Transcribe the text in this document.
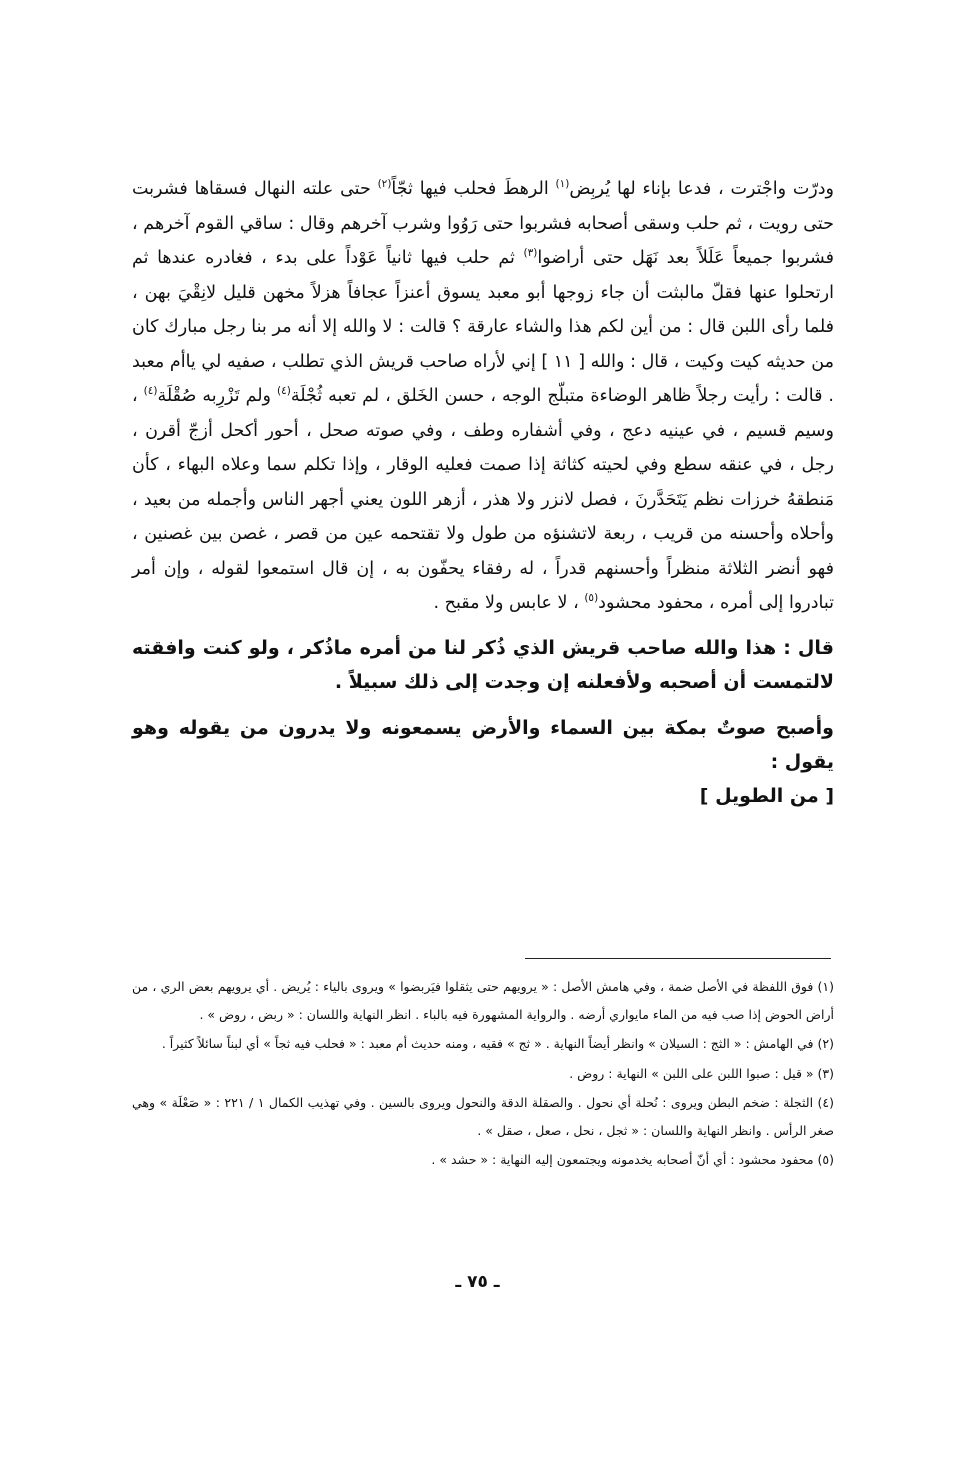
ودرّت واجْترت ، فدعا بإناء لها يُربِض$^{(١)}$ الرهطَ فحلب فيها ثجّاً$^{(٢)}$ حتى علته النهال فسقاها فشربت حتى رويت ، ثم حلب وسقى أصحابه فشربوا حتى رَوُوا وشرب آخرهم وقال : ساقي القوم آخرهم ، فشربوا جميعاً عَلَلاً بعد نَهَل حتى أراضوا$^{(٣)}$ ثم حلب فيها ثانياً عَوْداً على بدء ، فغادره عندها ثم ارتحلوا عنها فقلّ مالبثت أن جاء زوجها أبو معبد يسوق أعنزاً عجافاً هزلاً مخهن قليل لانِقْيَ بهن ، فلما رأى اللبن قال : من أين لكم هذا والشاء عارقة ؟ قالت : لا والله إلا أنه مر بنا رجل مبارك كان من حديثه كيت وكيت ، قال : والله [ ١١ ] إني لأراه صاحب قريش الذي تطلب ، صفيه لي ياأم معبد . قالت : رأيت رجلاً ظاهر الوضاءة متبلّج الوجه ، حسن الخَلق ، لم تعبه ثُجْلَة$^{(٤)}$ ولم تَزْرِبه صُقْلَة$^{(٤)}$ ، وسيم قسيم ، في عينيه دعج ، وفي أشفاره وطف ، وفي صوته صحل ، أحور أكحل أزجّ أقرن ، رجل ، في عنقه سطع وفي لحيته كثاثة إذا صمت فعليه الوقار ، وإذا تكلم سما وعلاه البهاء ، كأن مَنطقهُ خرزات نظم يَتَحَدَّرنَ ، فصل لانزر ولا هذر ، أزهر اللون يعني أجهر الناس وأجمله من بعيد ، وأحلاه وأحسنه من قريب ، ربعة لاتشنؤه من طول ولا تقتحمه عين من قصر ، غصن بين غصنين ، فهو أنضر الثلاثة منظراً وأحسنهم قدراً ، له رفقاء يحفّون به ، إن قال استمعوا لقوله ، وإن أمر تبادروا إلى أمره ، محفود محشود$^{(٥)}$ ، لا عابس ولا مقبح .

قال : هذا والله صاحب قريش الذي ذُكر لنا من أمره ماذُكر ، ولو كنت وافقته لالتمست أن أصحبه ولأفعلنه إن وجدت إلى ذلك سبيلاً .

وأصبح صوتٌ بمكة بين السماء والأرض يسمعونه ولا يدرون من يقوله وهو يقول :
[ من الطويل ]

(١) فوق اللفظة في الأصل ضمة ، وفي هامش الأصل : « يرويهم حتى يثقلوا فيَربضوا » ويروى بالياء : يُريض . أي يرويهم بعض الري ، من أراض الحوض إذا صب فيه من الماء مايواري أرضه . والرواية المشهورة فيه بالباء . انظر النهاية واللسان : « ربض ، روض » .

(٢) في الهامش : « الثج : السيلان » وانظر أيضاً النهاية . « ثج » فقيه ، ومنه حديث أم معبد : « فحلب فيه ثجاً » أي لبناً سائلاً كثيراً .

(٣) « قيل : صبوا اللبن على اللبن » النهاية : روض .

(٤) الثجلة : ضخم البطن ويروى : نُحلة أي نحول . والصقلة الدقة والنحول ويروى بالسين . وفي تهذيب الكمال ١ / ٢٢١ : « صَعْلَة » وهي صغر الرأس . وانظر النهاية واللسان : « ثجل ، نحل ، صعل ، صقل » .

(٥) محفود محشود : أي أنّ أصحابه يخدمونه ويجتمعون إليه النهاية : « حشد » .

ـ ٧٥ ـ
